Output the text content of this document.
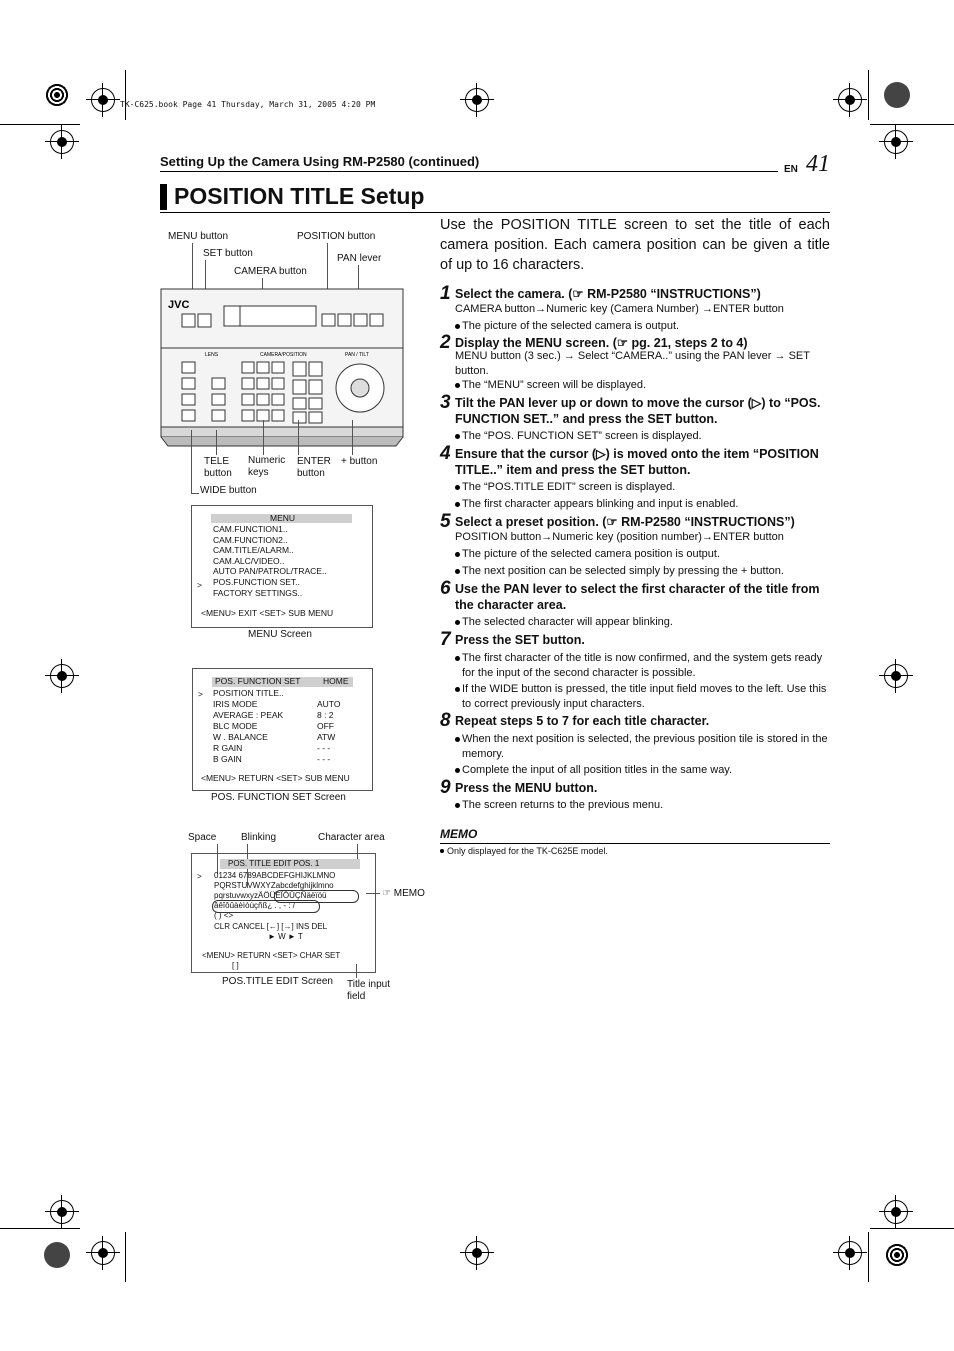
TK-C625.book Page 41 Thursday, March 31, 2005 4:20 PM
Setting Up the Camera Using RM-P2580 (continued)
EN 41
POSITION TITLE Setup
Use the POSITION TITLE screen to set the title of each camera position. Each camera position can be given a title of up to 16 characters.
1 Select the camera. (☞ RM-P2580 “INSTRUCTIONS”)
CAMERA button→Numeric key (Camera Number) →ENTER button
The picture of the selected camera is output.
2 Display the MENU screen. (☞ pg. 21, steps 2 to 4)
MENU button (3 sec.) → Select “CAMERA..” using the PAN lever → SET button.
The “MENU” screen will be displayed.
3 Tilt the PAN lever up or down to move the cursor (▷) to “POS. FUNCTION SET..” and press the SET button.
The “POS. FUNCTION SET” screen is displayed.
4 Ensure that the cursor (▷) is moved onto the item “POSITION TITLE..” item and press the SET button.
The “POS.TITLE EDIT” screen is displayed.
The first character appears blinking and input is enabled.
5 Select a preset position. (☞ RM-P2580 “INSTRUCTIONS”)
POSITION button→Numeric key (position number)→ENTER button
The picture of the selected camera position is output.
The next position can be selected simply by pressing the + button.
6 Use the PAN lever to select the first character of the title from the character area.
The selected character will appear blinking.
7 Press the SET button.
The first character of the title is now confirmed, and the system gets ready for the input of the second character is possible.
If the WIDE button is pressed, the title input field moves to the left. Use this to correct previously input characters.
8 Repeat steps 5 to 7 for each title character.
When the next position is selected, the previous position tile is stored in the memory.
Complete the input of all position titles in the same way.
9 Press the MENU button.
The screen returns to the previous menu.
MEMO
Only displayed for the TK-C625E model.
MENU button
SET button
POSITION button
CAMERA button
PAN lever
JVC
LENS	CAMERA/POSITION	PAN / TILT
TELE
button
Numeric
keys
ENTER
button
+ button
WIDE button
MENU
CAM.FUNCTION1..
CAM.FUNCTION2..
CAM.TITLE/ALARM..
CAM.ALC/VIDEO..
AUTO PAN/PATROL/TRACE..
POS.FUNCTION SET..
FACTORY SETTINGS..
>
<MENU> EXIT <SET> SUB MENU
MENU Screen
POS. FUNCTION SET	HOME
> POSITION TITLE..
IRIS MODE	AUTO
AVERAGE : PEAK	8 : 2
BLC MODE	OFF
W . BALANCE	ATW
R GAIN	- - -
B GAIN	- - -
<MENU> RETURN <SET> SUB MENU
POS. FUNCTION SET Screen
Space Blinking	Character area
POS. TITLE EDIT POS. 1
> 01234 6789ABCDEFGHIJKLMNO
PQRSTUVWXYZabcdefghijklmno
pqrstuvwxyzÄÖÜÉÏÖÜÇÑäëïöü
âêîôûàèìòùçñß¿ . , - : /
( ) <>
CLR CANCEL [←] [→] INS DEL
► W ► T
<MENU> RETURN <SET> CHAR SET
[ ]
☞ MEMO
Title input
field
POS.TITLE EDIT Screen
